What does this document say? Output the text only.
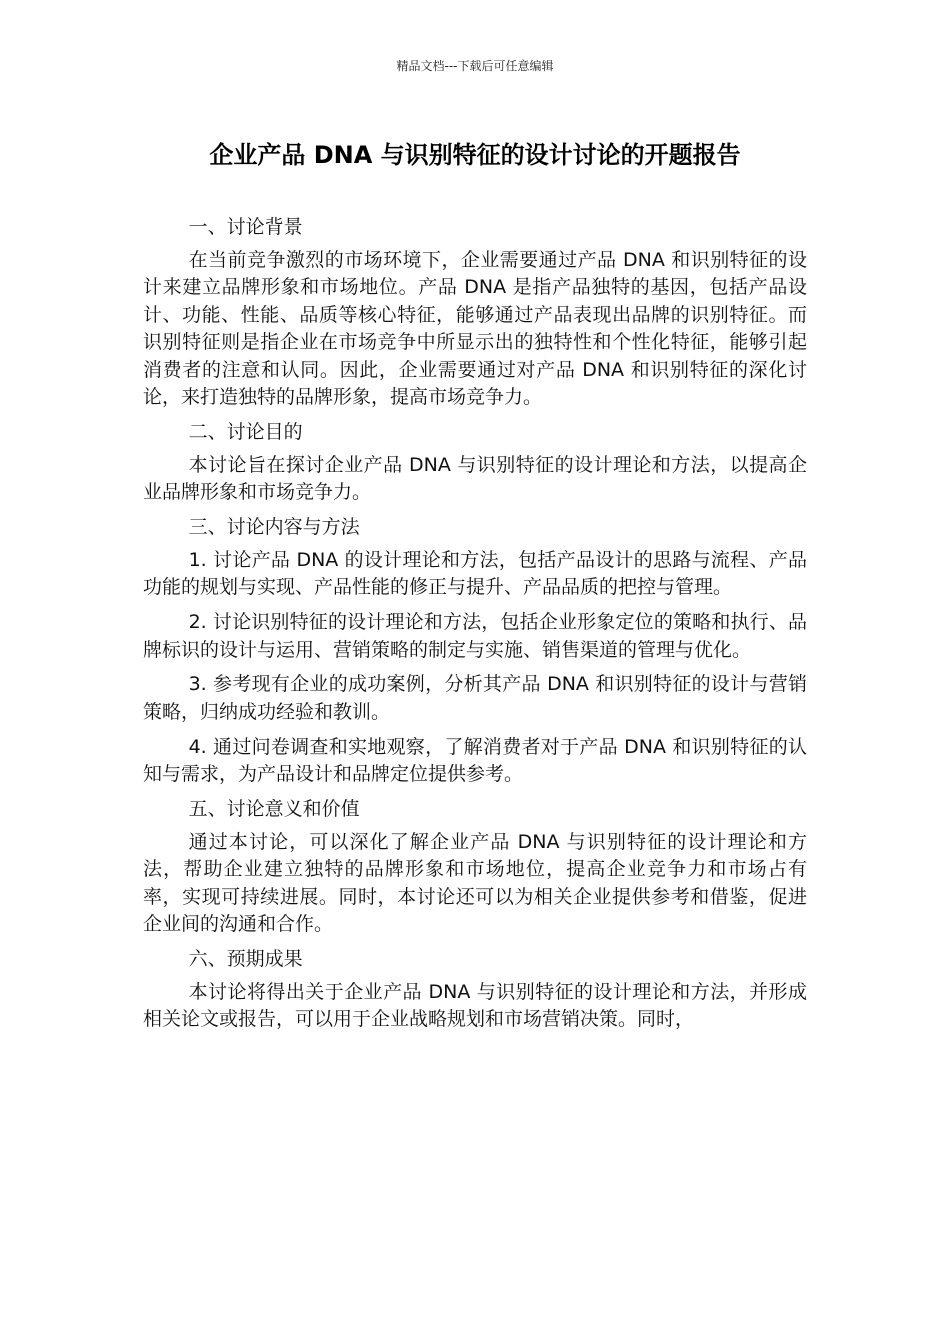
精品文档---下载后可任意编辑
企业产品 DNA 与识别特征的设计讨论的开题报告

一、讨论背景

在当前竞争激烈的市场环境下，企业需要通过产品 DNA 和识别特征的设计来建立品牌形象和市场地位。产品 DNA 是指产品独特的基因，包括产品设计、功能、性能、品质等核心特征，能够通过产品表现出品牌的识别特征。而识别特征则是指企业在市场竞争中所显示出的独特性和个性化特征，能够引起消费者的注意和认同。因此，企业需要通过对产品 DNA 和识别特征的深化讨论，来打造独特的品牌形象，提高市场竞争力。

二、讨论目的

本讨论旨在探讨企业产品 DNA 与识别特征的设计理论和方法，以提高企业品牌形象和市场竞争力。

三、讨论内容与方法

1. 讨论产品 DNA 的设计理论和方法，包括产品设计的思路与流程、产品功能的规划与实现、产品性能的修正与提升、产品品质的把控与管理。

2. 讨论识别特征的设计理论和方法，包括企业形象定位的策略和执行、品牌标识的设计与运用、营销策略的制定与实施、销售渠道的管理与优化。

3. 参考现有企业的成功案例，分析其产品 DNA 和识别特征的设计与营销策略，归纳成功经验和教训。

4. 通过问卷调查和实地观察，了解消费者对于产品 DNA 和识别特征的认知与需求，为产品设计和品牌定位提供参考。

五、讨论意义和价值

通过本讨论，可以深化了解企业产品 DNA 与识别特征的设计理论和方法，帮助企业建立独特的品牌形象和市场地位，提高企业竞争力和市场占有率，实现可持续进展。同时，本讨论还可以为相关企业提供参考和借鉴，促进企业间的沟通和合作。

六、预期成果

本讨论将得出关于企业产品 DNA 与识别特征的设计理论和方法，并形成相关论文或报告，可以用于企业战略规划和市场营销决策。同时，
